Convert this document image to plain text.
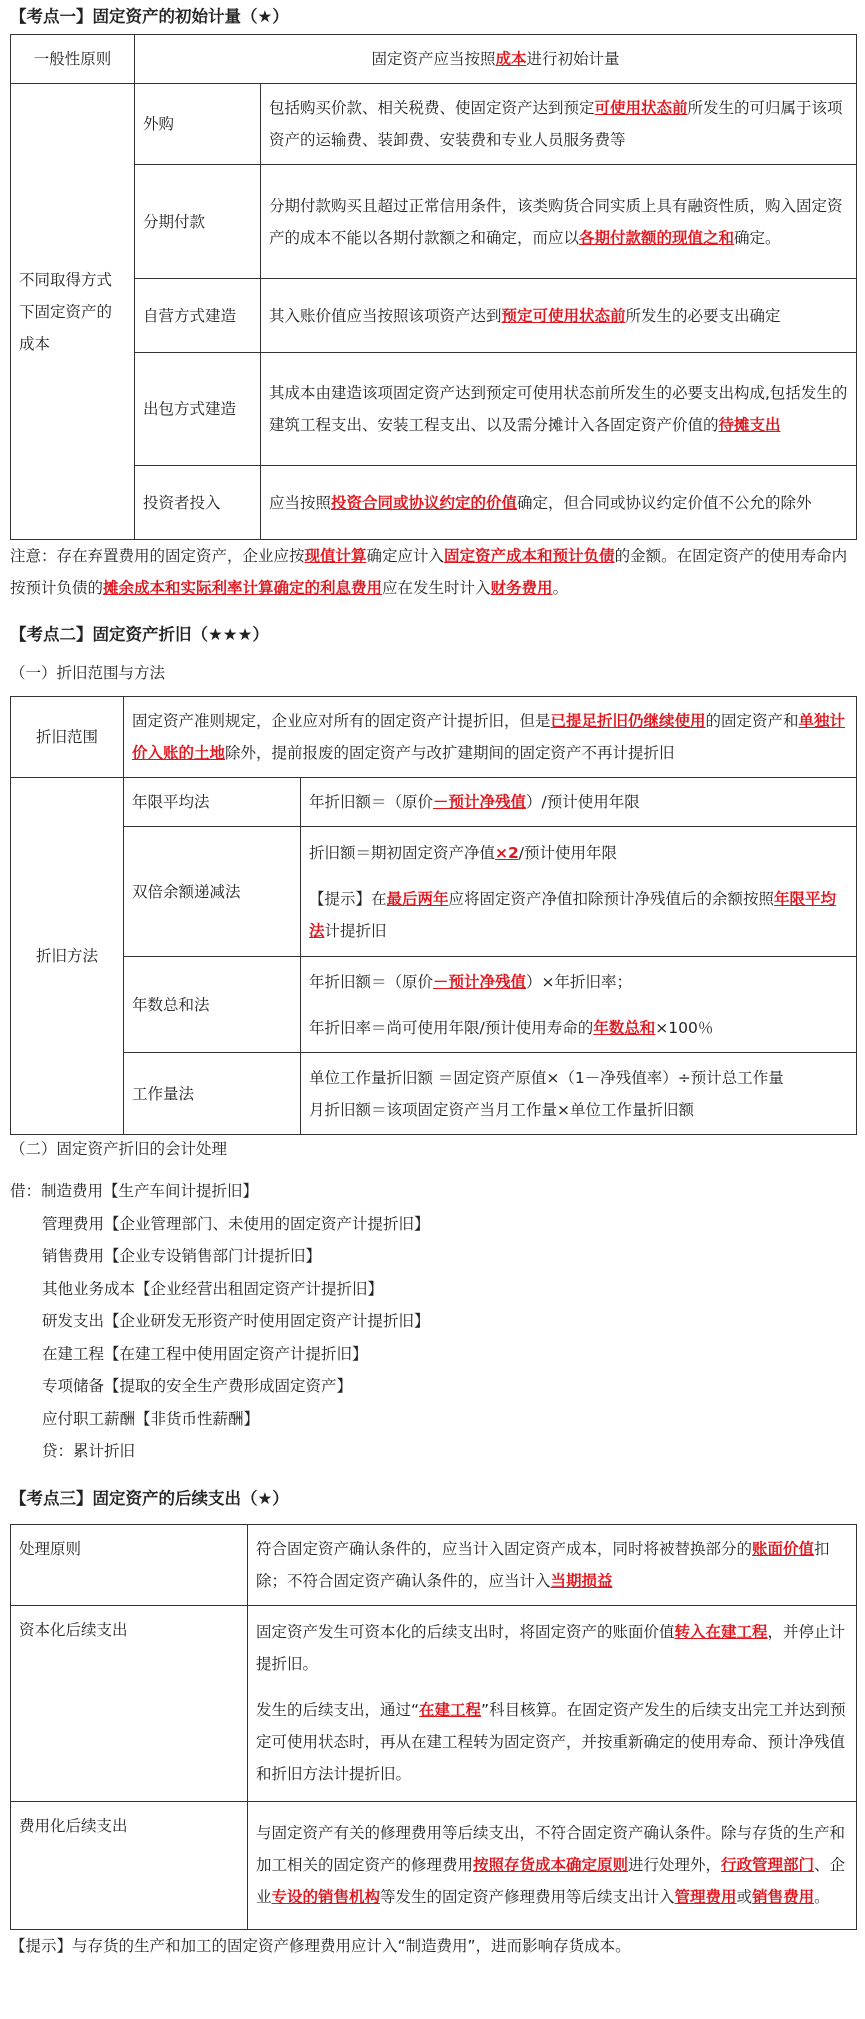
【考点一】固定资产的初始计量（★）

一般性原则	固定资产应当按照成本进行初始计量	
不同取得方式下固定资产的成本	外购	包括购买价款、相关税费、使固定资产达到预定可使用状态前所发生的可归属于该项资产的运输费、装卸费、安装费和专业人员服务费等
	分期付款	分期付款购买且超过正常信用条件，该类购货合同实质上具有融资性质，购入固定资产的成本不能以各期付款额之和确定，而应以各期付款额的现值之和确定。
	自营方式建造	其入账价值应当按照该项资产达到预定可使用状态前所发生的必要支出确定
	出包方式建造	其成本由建造该项固定资产达到预定可使用状态前所发生的必要支出构成,包括发生的建筑工程支出、安装工程支出、以及需分摊计入各固定资产价值的待摊支出
	投资者投入	应当按照投资合同或协议约定的价值确定，但合同或协议约定价值不公允的除外

注意：存在弃置费用的固定资产，企业应按现值计算确定应计入固定资产成本和预计负债的金额。在固定资产的使用寿命内按预计负债的摊余成本和实际利率计算确定的利息费用应在发生时计入财务费用。

【考点二】固定资产折旧（★★★）

（一）折旧范围与方法

折旧范围	固定资产准则规定，企业应对所有的固定资产计提折旧，但是已提足折旧仍继续使用的固定资产和单独计价入账的土地除外，提前报废的固定资产与改扩建期间的固定资产不再计提折旧	
折旧方法	年限平均法	年折旧额＝（原价－预计净残值）/预计使用年限
	双倍余额递减法	折旧额＝期初固定资产净值×2/预计使用年限

【提示】在最后两年应将固定资产净值扣除预计净残值后的余额按照年限平均法计提折旧

	年数总和法	年折旧额＝（原价－预计净残值）×年折旧率；

年折旧率＝尚可使用年限/预计使用寿命的年数总和×100％

	工作量法	单位工作量折旧额 ＝固定资产原值×（1－净残值率）÷预计总工作量

月折旧额＝该项固定资产当月工作量×单位工作量折旧额

（二）固定资产折旧的会计处理

借：制造费用【生产车间计提折旧】

管理费用【企业管理部门、未使用的固定资产计提折旧】

销售费用【企业专设销售部门计提折旧】

其他业务成本【企业经营出租固定资产计提折旧】

研发支出【企业研发无形资产时使用固定资产计提折旧】

在建工程【在建工程中使用固定资产计提折旧】

专项储备【提取的安全生产费形成固定资产】

应付职工薪酬【非货币性薪酬】

贷：累计折旧

【考点三】固定资产的后续支出（★）

处理原则	符合固定资产确认条件的，应当计入固定资产成本，同时将被替换部分的账面价值扣除；不符合固定资产确认条件的，应当计入当期损益
资本化后续支出	固定资产发生可资本化的后续支出时，将固定资产的账面价值转入在建工程，并停止计提折旧。

发生的后续支出，通过“在建工程”科目核算。在固定资产发生的后续支出完工并达到预定可使用状态时，再从在建工程转为固定资产，并按重新确定的使用寿命、预计净残值和折旧方法计提折旧。

费用化后续支出	与固定资产有关的修理费用等后续支出，不符合固定资产确认条件。除与存货的生产和加工相关的固定资产的修理费用按照存货成本确定原则进行处理外，行政管理部门、企业专设的销售机构等发生的固定资产修理费用等后续支出计入管理费用或销售费用。

【提示】与存货的生产和加工的固定资产修理费用应计入“制造费用”，进而影响存货成本。
